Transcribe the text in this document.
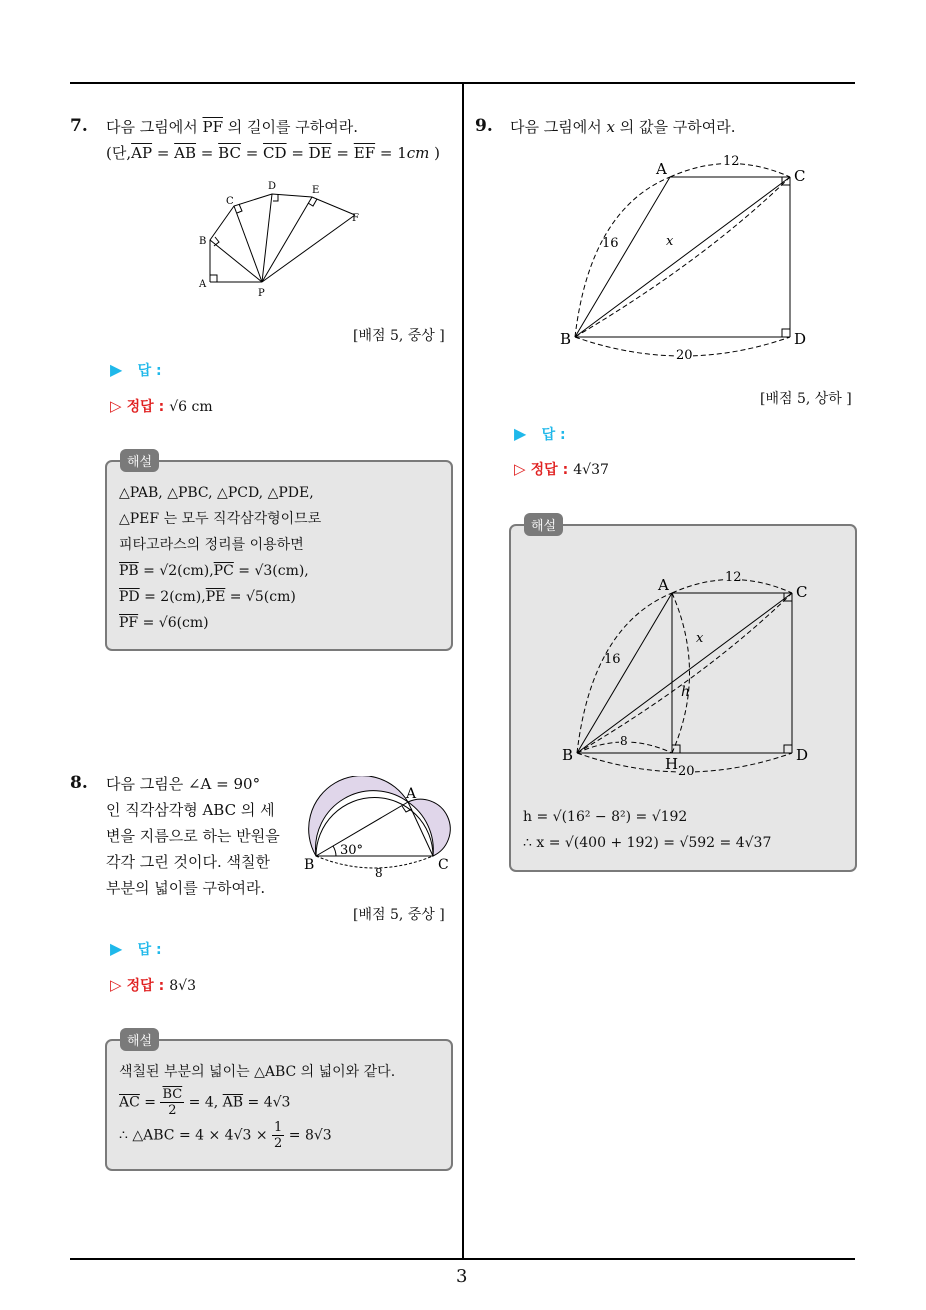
7. 다음 그림에서 $\overline{PF}$ 의 길이를 구하여라.
(단$,\overline{AP} = \overline{AB} = \overline{BC} = \overline{CD} = \overline{DE} = \overline{EF} = 1cm$ )
A
B
C
D	E
F
P
[배점 5, 중상 ]
▶ 답 :
▷ 정답 : √6 cm
△PAB, △PBC, △PCD, △PDE,
△PEF 는 모두 직각삼각형이므로
피타고라스의 정리를 이용하면
$\overline{PB} = √2(cm),\overline{PC} = √3(cm)$,
$\overline{PD} = 2(cm),\overline{PE} = √5(cm)$
$\overline{PF} = √6(cm)$
해설
8. 다음 그림은 ∠A = 90°
인 직각삼각형 ABC 의 세
변을 지름으로 하는 반원을
각각 그린 것이다. 색칠한
부분의 넓이를 구하여라.
A
B	C
30°
8
[배점 5, 중상 ]
▶ 답 :
▷ 정답 : 8√3
색칠된 부분의 넓이는 △ABC 의 넓이와 같다.
$\overline{AC} = \frac{\overline{BC}}{2} = 4$, $\overline{AB} = 4√3$
∴ △ABC = $4 \times 4√3 \times \frac{1}{2} = 8√3$
해설
9. 다음 그림에서 x 의 값을 구하여라.
12
16	x
20
A
B
C
D
[배점 5, 상하 ]
▶ 답 :
▷ 정답 : 4√37
12
16
x
h
8
20
A
B
C
D
H
h = √(16² − 8²) = √192
∴ x = √(400 + 192) = √592 = 4√37
해설
3
